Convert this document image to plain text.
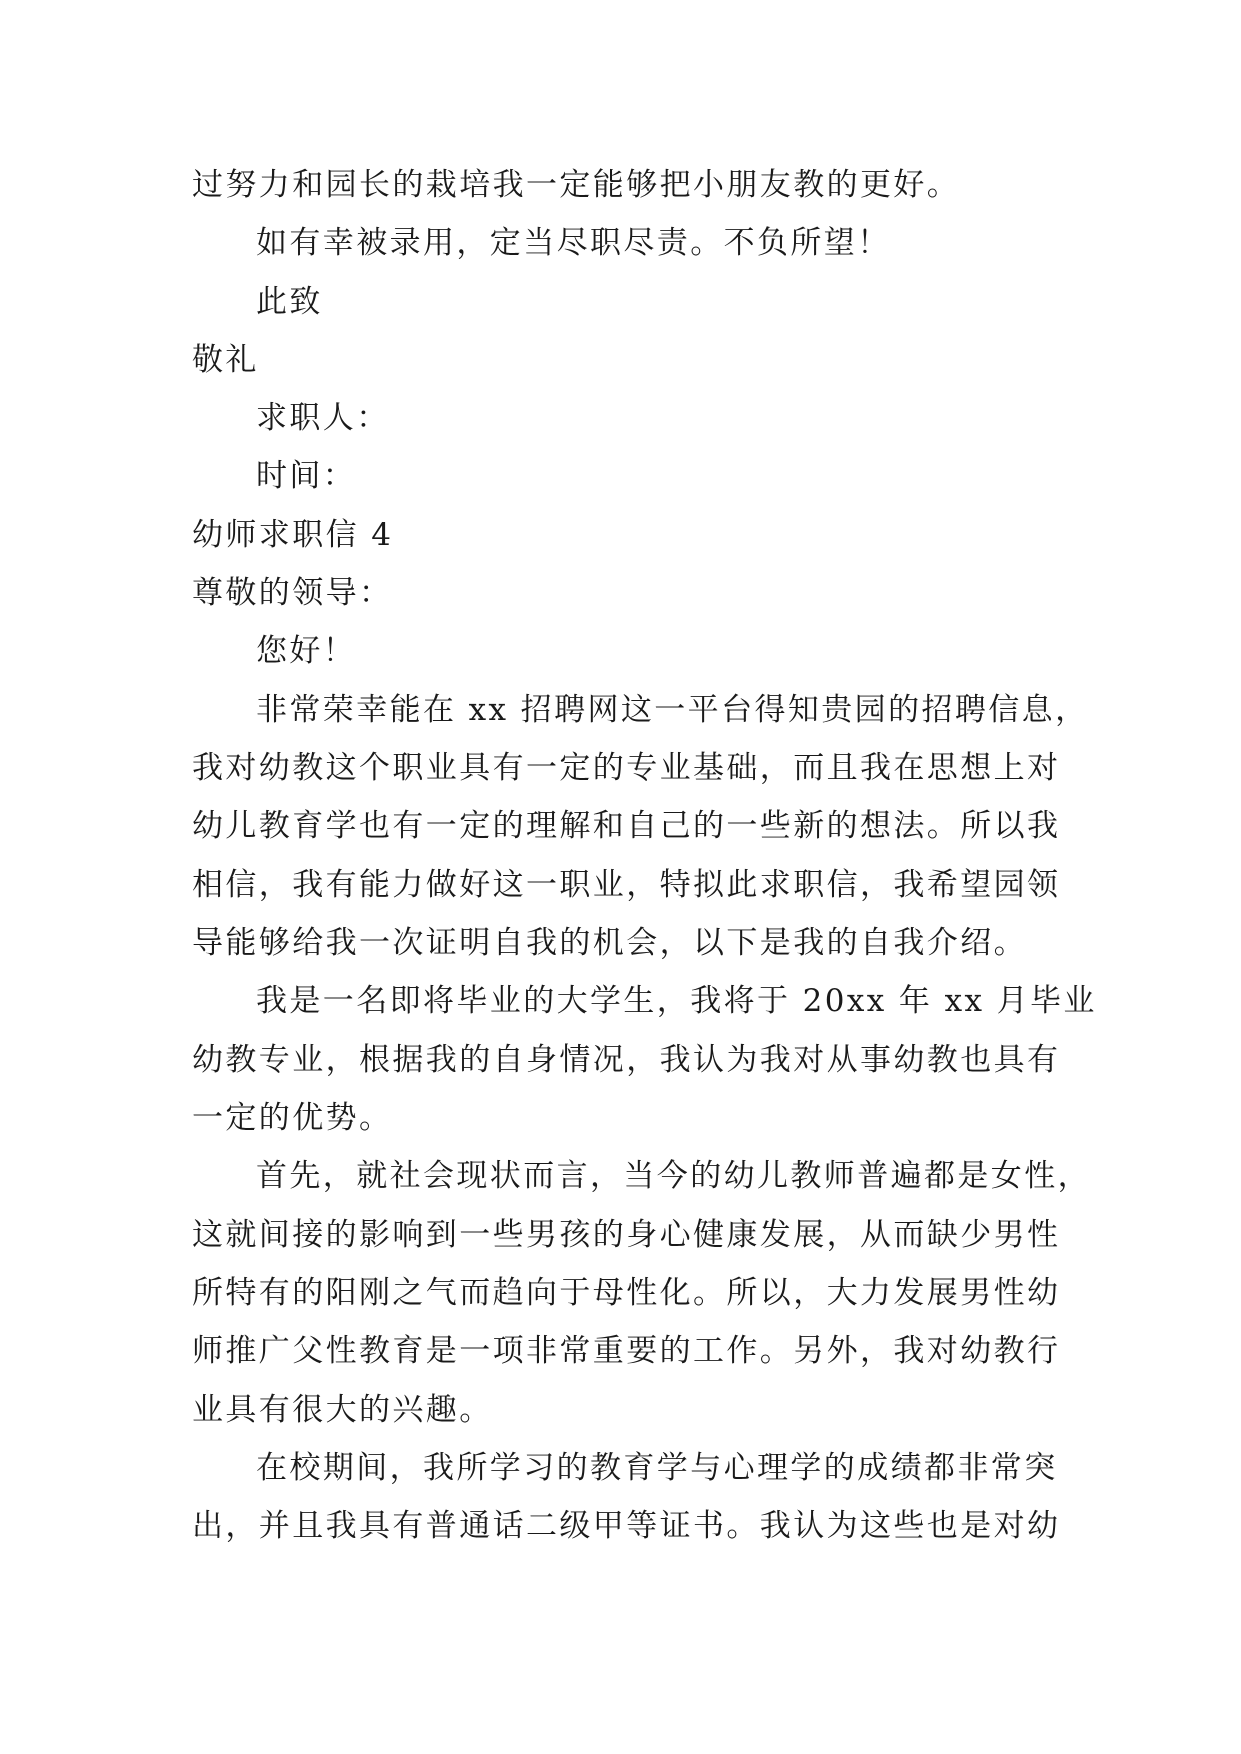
过努力和园长的栽培我一定能够把小朋友教的更好。
如有幸被录用，定当尽职尽责。不负所望！
此致
敬礼
求职人：
时间：
幼师求职信 4
尊敬的领导：
您好！
非常荣幸能在 xx 招聘网这一平台得知贵园的招聘信息，
我对幼教这个职业具有一定的专业基础，而且我在思想上对
幼儿教育学也有一定的理解和自己的一些新的想法。所以我
相信，我有能力做好这一职业，特拟此求职信，我希望园领
导能够给我一次证明自我的机会，以下是我的自我介绍。
我是一名即将毕业的大学生，我将于 20xx 年 xx 月毕业
幼教专业，根据我的自身情况，我认为我对从事幼教也具有
一定的优势。
首先，就社会现状而言，当今的幼儿教师普遍都是女性，
这就间接的影响到一些男孩的身心健康发展，从而缺少男性
所特有的阳刚之气而趋向于母性化。所以，大力发展男性幼
师推广父性教育是一项非常重要的工作。另外，我对幼教行
业具有很大的兴趣。
在校期间，我所学习的教育学与心理学的成绩都非常突
出，并且我具有普通话二级甲等证书。我认为这些也是对幼
